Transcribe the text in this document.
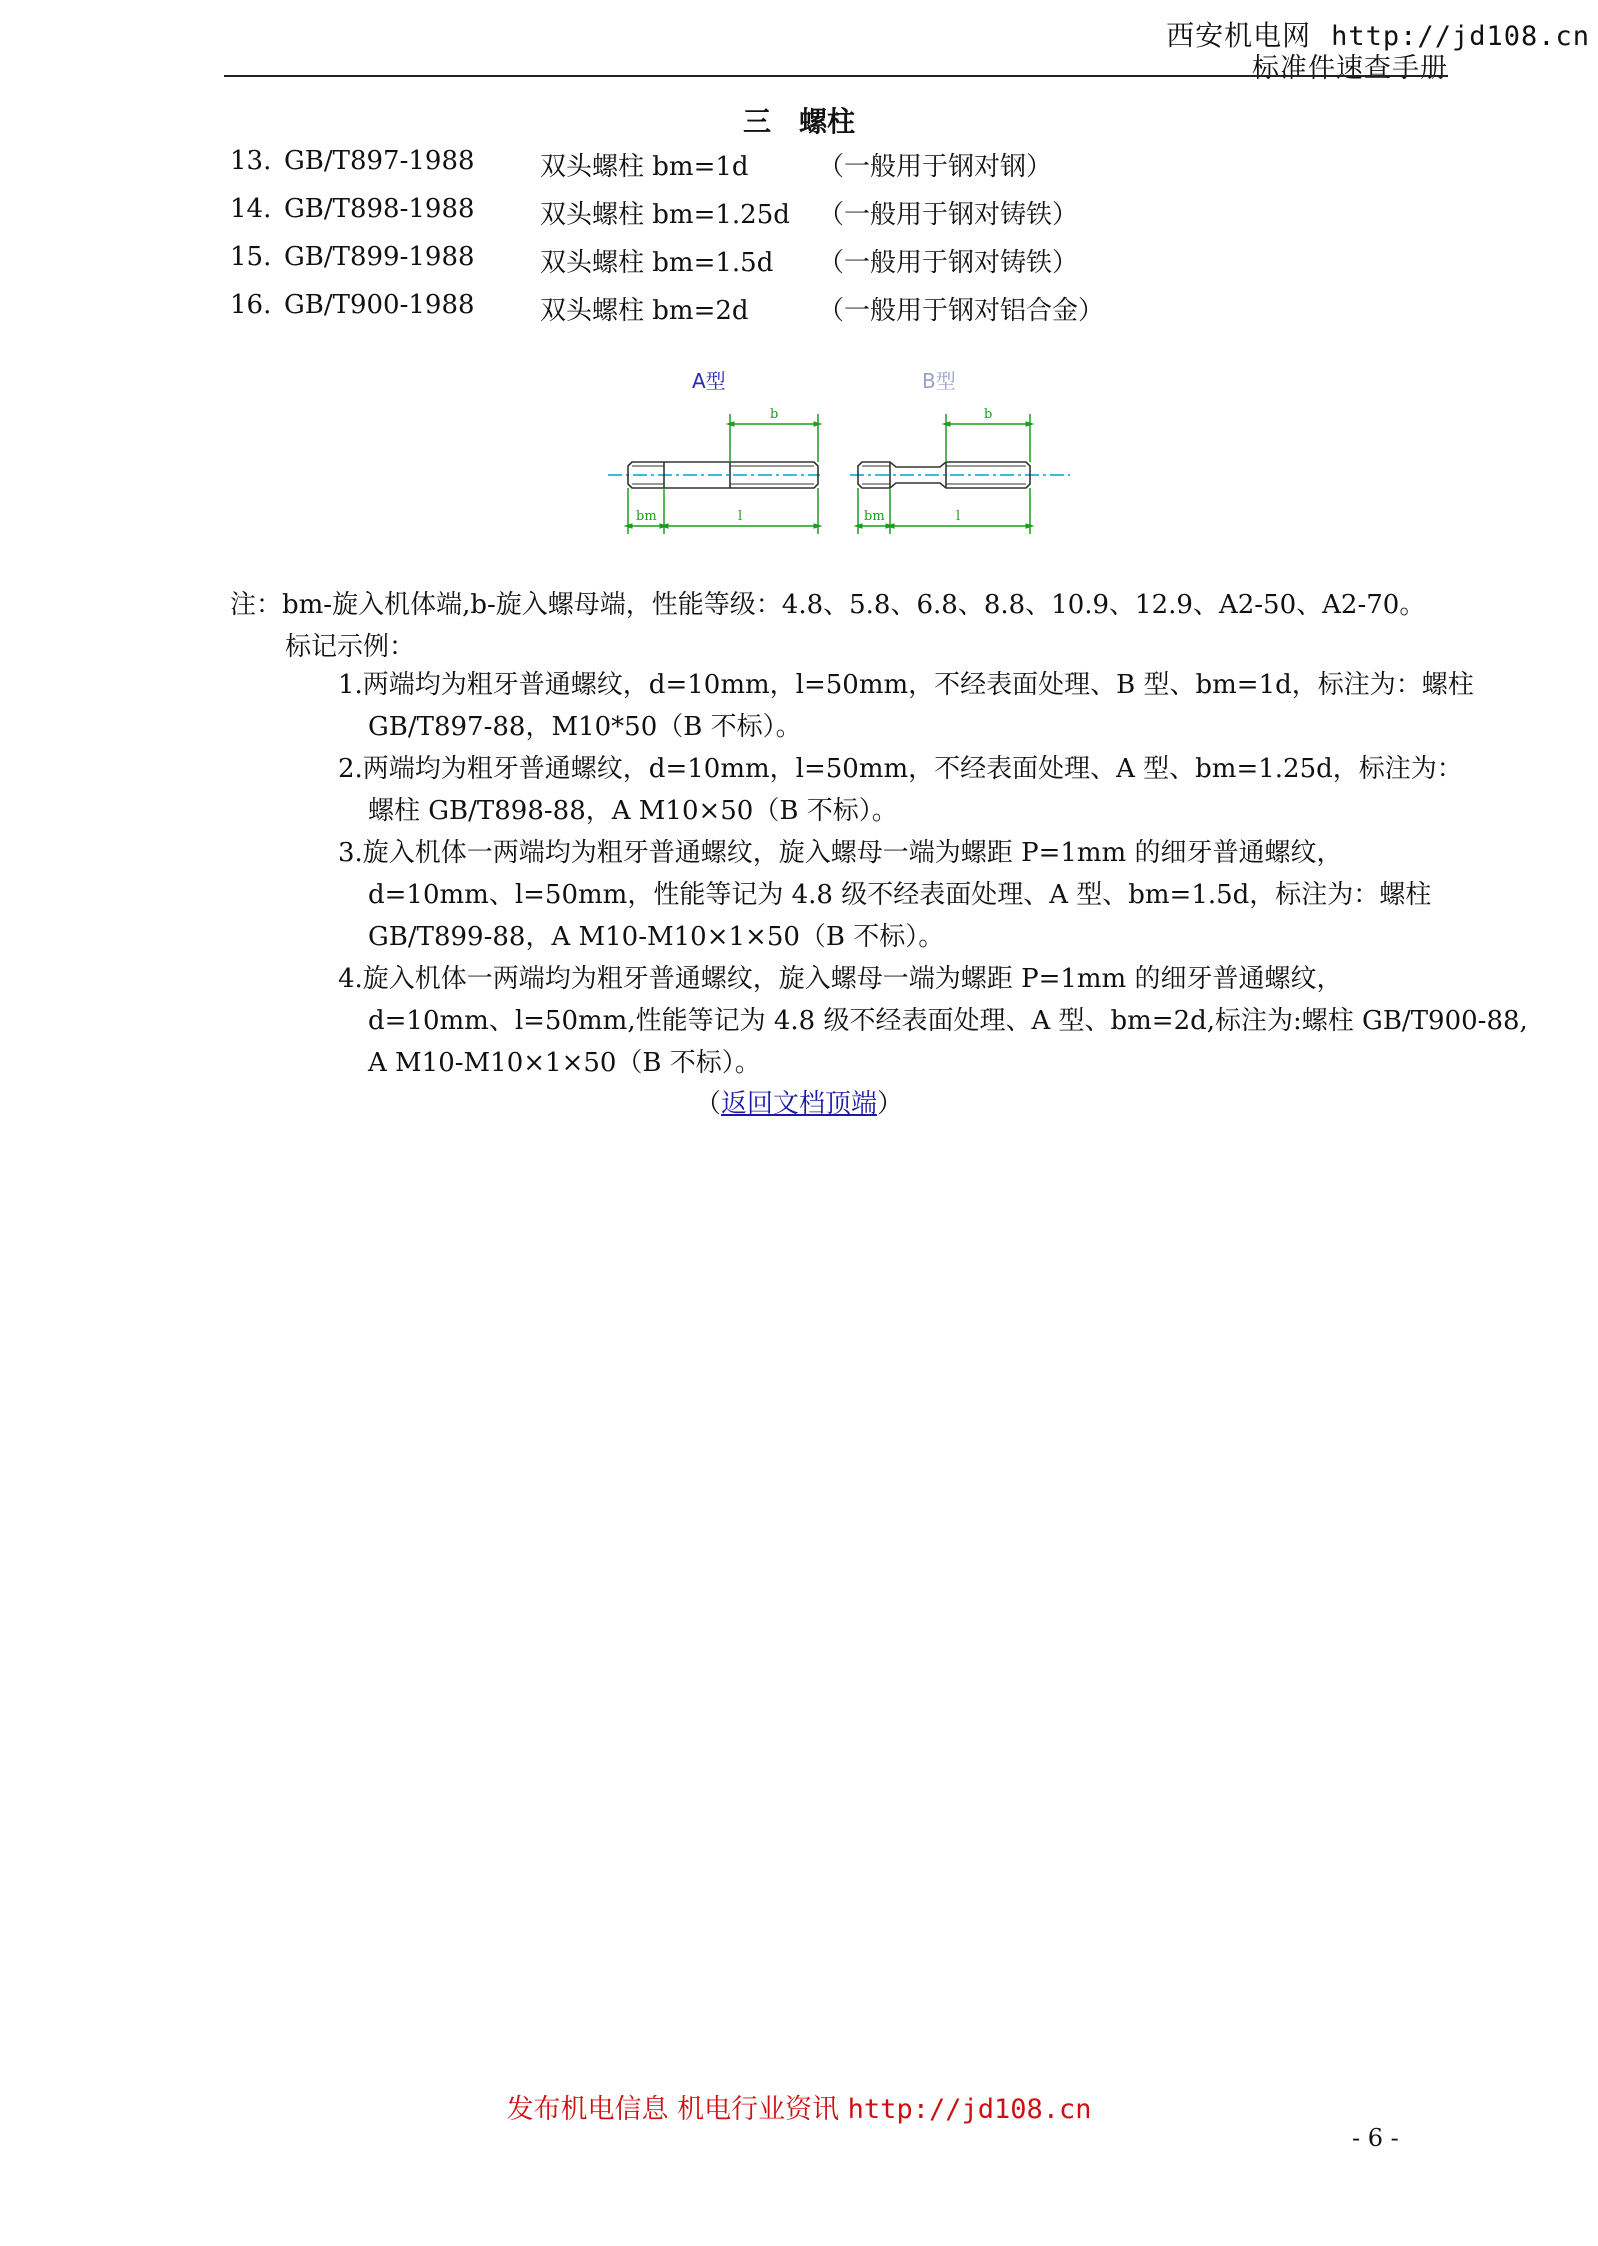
西安机电网 http://jd108.cn
标准件速查手册
三　螺柱
13. GB/T897-1988	双头螺柱 bm=1d	（一般用于钢对钢）
14. GB/T898-1988	双头螺柱 bm=1.25d （一般用于钢对铸铁）
15. GB/T899-1988	双头螺柱 bm=1.5d （一般用于钢对铸铁）
16. GB/T900-1988	双头螺柱 bm=2d	（一般用于钢对铝合金）
A型	B型
b
bm	l
b
bm	l
注：bm-旋入机体端,b-旋入螺母端，性能等级：4.8、5.8、6.8、8.8、10.9、12.9、A2-50、A2-70。
标记示例：
1.两端均为粗牙普通螺纹，d=10mm，l=50mm，不经表面处理、B 型、bm=1d，标注为：螺柱
GB/T897-88，M10*50（B 不标）。
2.两端均为粗牙普通螺纹，d=10mm，l=50mm，不经表面处理、A 型、bm=1.25d，标注为：
螺柱 GB/T898-88，A M10×50（B 不标）。
3.旋入机体一两端均为粗牙普通螺纹，旋入螺母一端为螺距 P=1mm 的细牙普通螺纹，
d=10mm、l=50mm，性能等记为 4.8 级不经表面处理、A 型、bm=1.5d，标注为：螺柱
GB/T899-88，A M10-M10×1×50（B 不标）。
4.旋入机体一两端均为粗牙普通螺纹，旋入螺母一端为螺距 P=1mm 的细牙普通螺纹，
d=10mm、l=50mm,性能等记为 4.8 级不经表面处理、A 型、bm=2d,标注为:螺柱 GB/T900-88,
A M10-M10×1×50（B 不标）。
（返回文档顶端）
发布机电信息 机电行业资讯 http://jd108.cn
- 6 -
